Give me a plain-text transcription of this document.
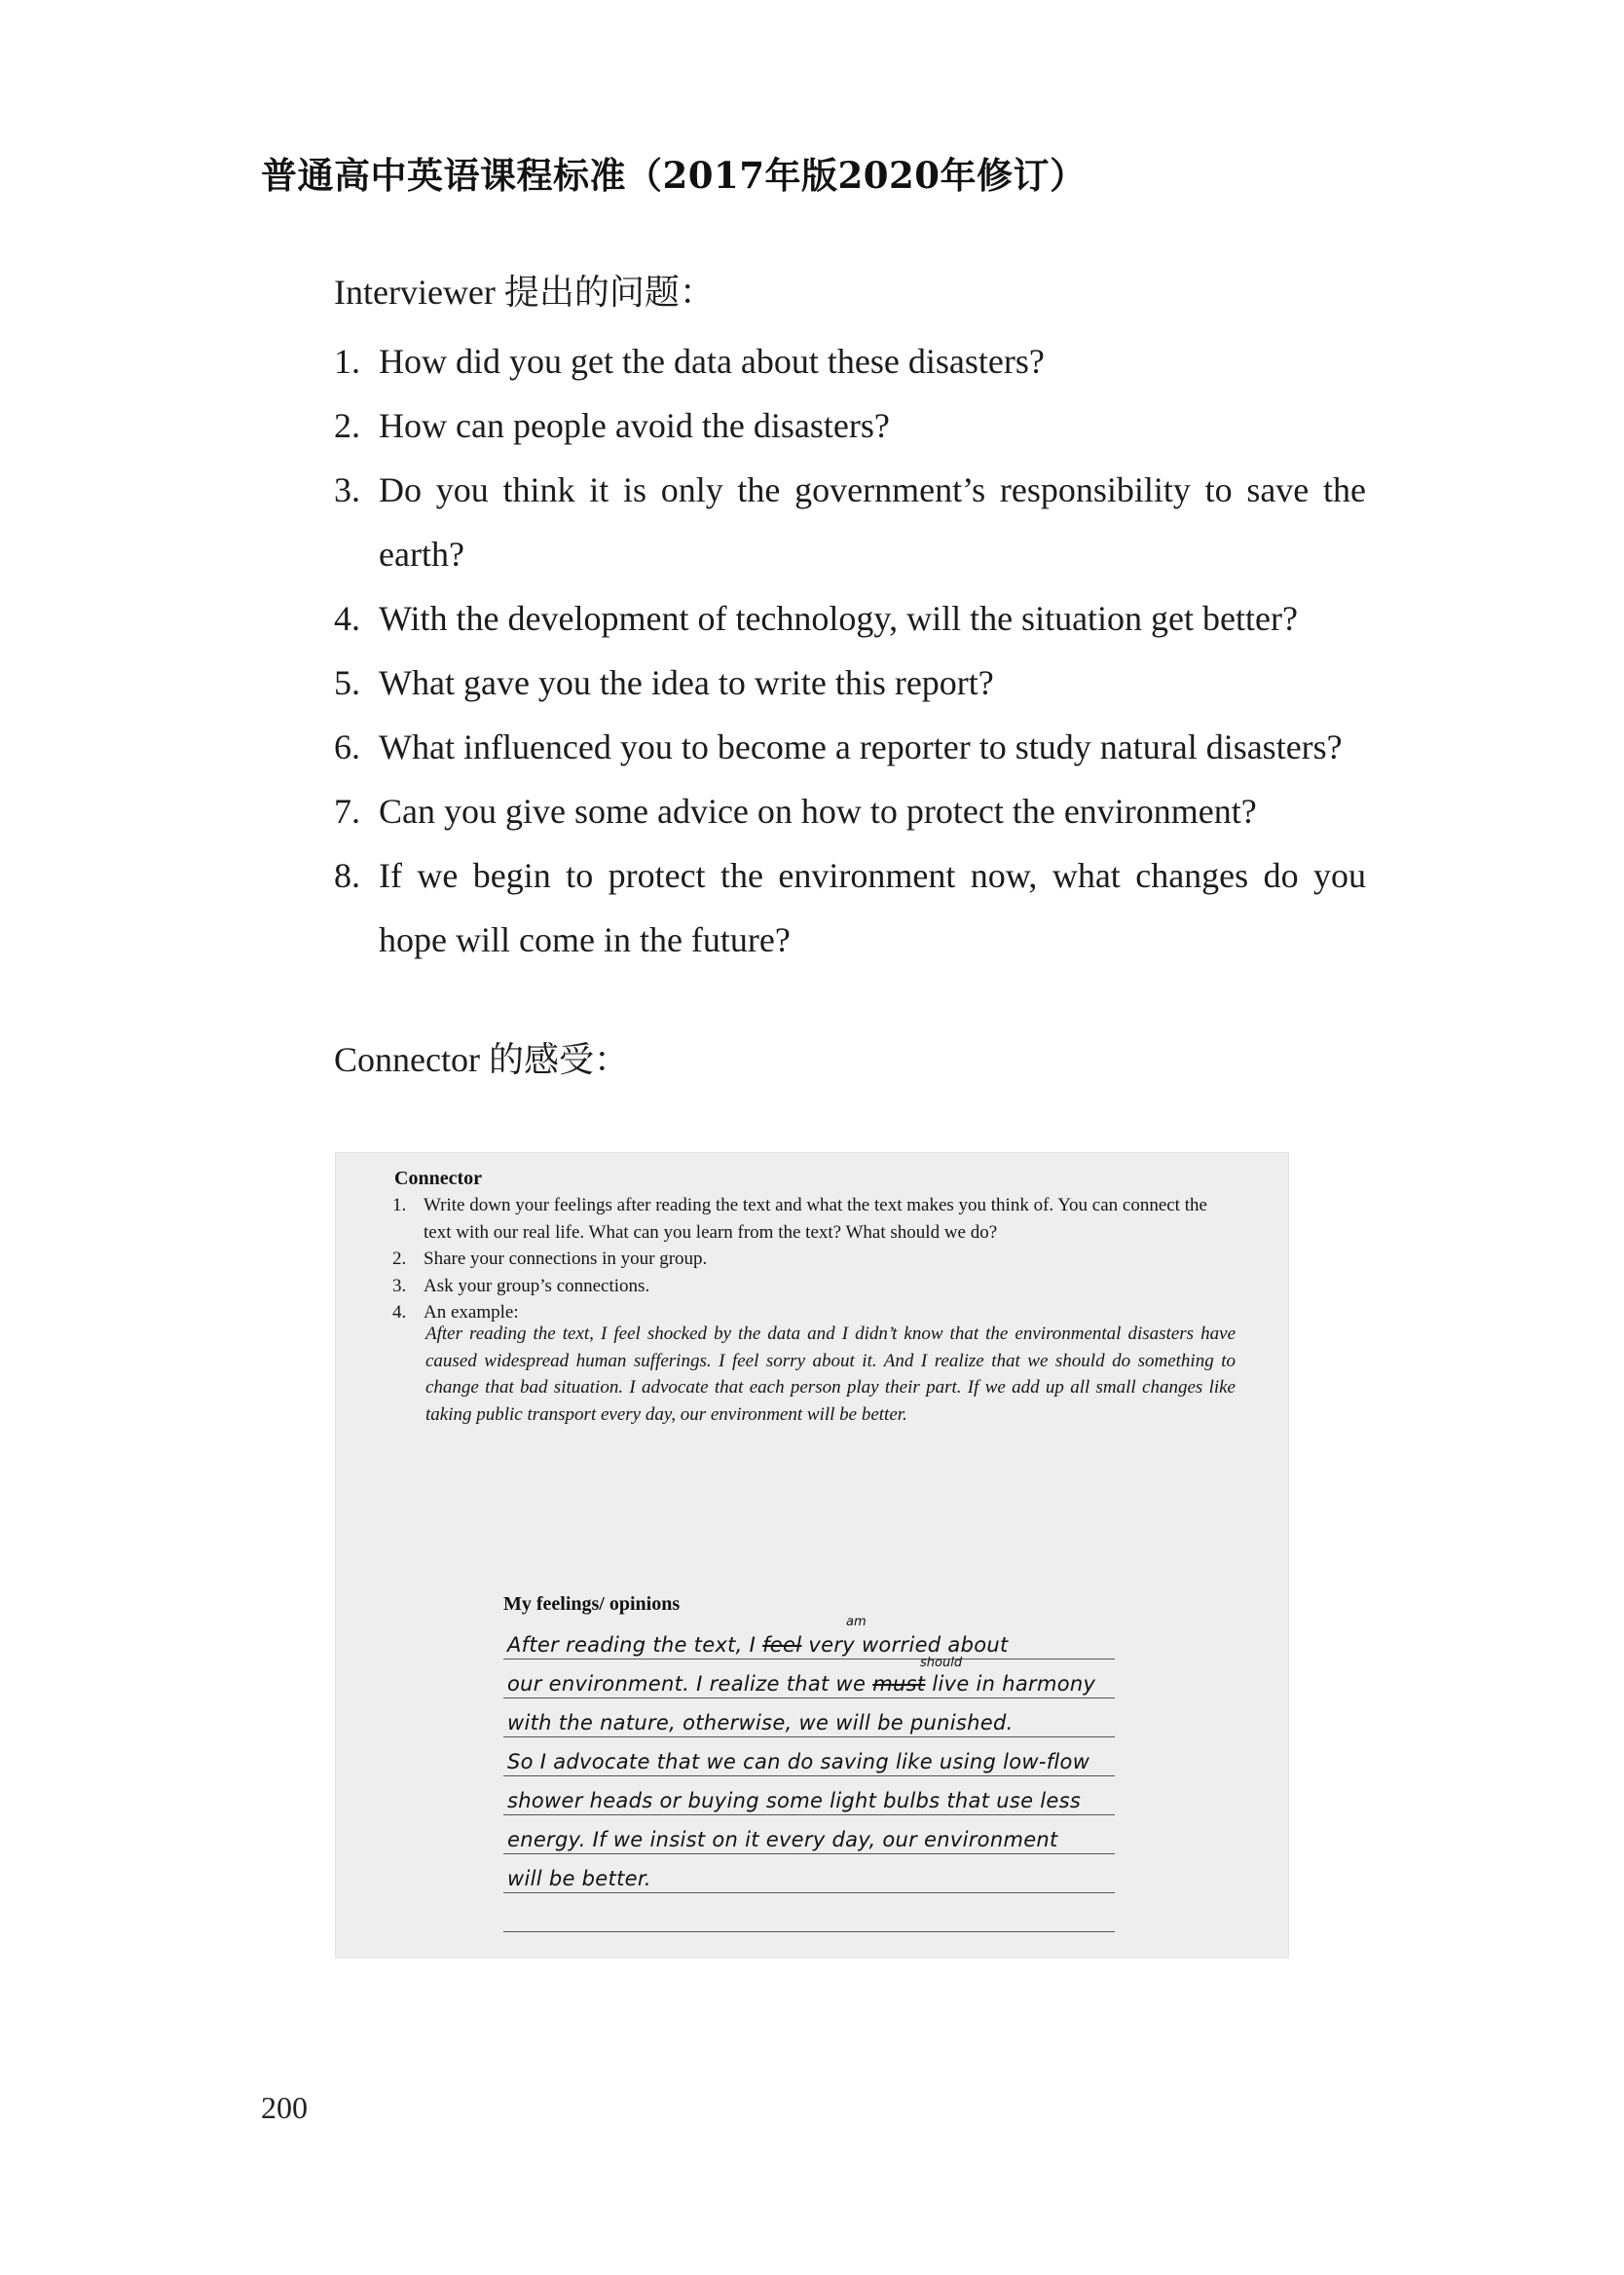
普通高中英语课程标准（2017年版2020年修订）
Interviewer 提出的问题：
1. How did you get the data about these disasters?
2. How can people avoid the disasters?
3. Do you think it is only the government’s responsibility to save the earth?
4. With the development of technology, will the situation get better?
5. What gave you the idea to write this report?
6. What influenced you to become a reporter to study natural disasters?
7. Can you give some advice on how to protect the environment?
8. If we begin to protect the environment now, what changes do you hope will come in the future?
Connector 的感受：
Connector
1. Write down your feelings after reading the text and what the text makes you think of. You can connect the text with our real life. What can you learn from the text? What should we do?
2. Share your connections in your group.
3. Ask your group’s connections.
4. An example:
After reading the text, I feel shocked by the data and I didn’t know that the environmental disasters have caused widespread human sufferings. I feel sorry about it. And I realize that we should do something to change that bad situation. I advocate that each person play their part. If we add up all small changes like taking public transport every day, our environment will be better.
My feelings/ opinions
am
After reading the text, I feel very worried about
should
our environment. I realize that we must live in harmony
with the nature, otherwise, we will be punished.
So I advocate that we can do saving like using low-flow
shower heads or buying some light bulbs that use less
energy. If we insist on it every day, our environment
will be better.
200
